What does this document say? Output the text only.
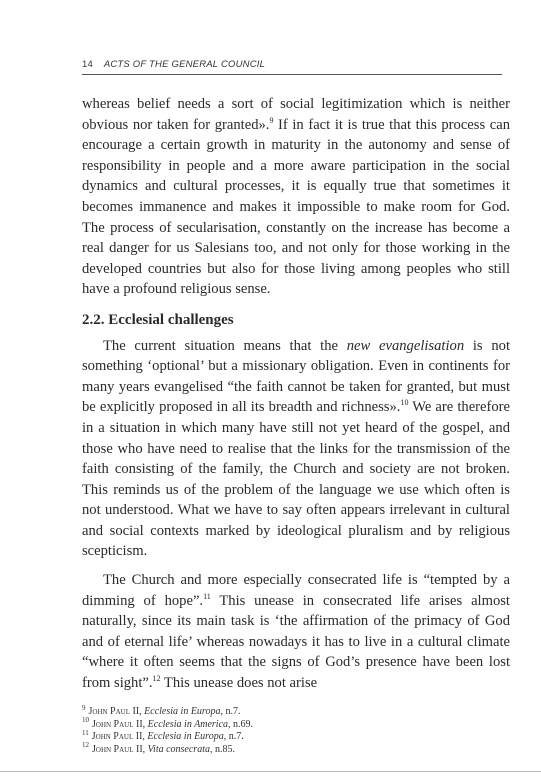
14 ACTS OF THE GENERAL COUNCIL

whereas belief needs a sort of social legitimization which is neither obvious nor taken for granted».$^9$ If in fact it is true that this process can encourage a certain growth in maturity in the autonomy and sense of responsibility in people and a more aware participation in the social dynamics and cultural processes, it is equally true that sometimes it becomes immanence and makes it impossible to make room for God. The process of secularisation, constantly on the increase has become a real danger for us Salesians too, and not only for those working in the developed countries but also for those living among peoples who still have a profound religious sense.

2.2. Ecclesial challenges

The current situation means that the new evangelisation is not something ‘optional’ but a missionary obligation. Even in continents for many years evangelised “the faith cannot be taken for granted, but must be explicitly proposed in all its breadth and richness».$^{10}$ We are therefore in a situation in which many have still not yet heard of the gospel, and those who have need to realise that the links for the transmission of the faith consisting of the family, the Church and society are not broken. This reminds us of the problem of the language we use which often is not understood. What we have to say often appears irrelevant in cultural and social contexts marked by ideological pluralism and by religious scepticism.

The Church and more especially consecrated life is “tempted by a dimming of hope”.$^{11}$ This unease in consecrated life arises almost naturally, since its main task is ‘the affirmation of the primacy of God and of eternal life’ whereas nowadays it has to live in a cultural climate “where it often seems that the signs of God’s presence have been lost from sight”.$^{12}$ This unease does not arise

$^9$ John Paul II, Ecclesia in Europa, n.7.
$^{10}$ John Paul II, Ecclesia in America, n.69.
$^{11}$ John Paul II, Ecclesia in Europa, n.7.
$^{12}$ John Paul II, Vita consecrata, n.85.
